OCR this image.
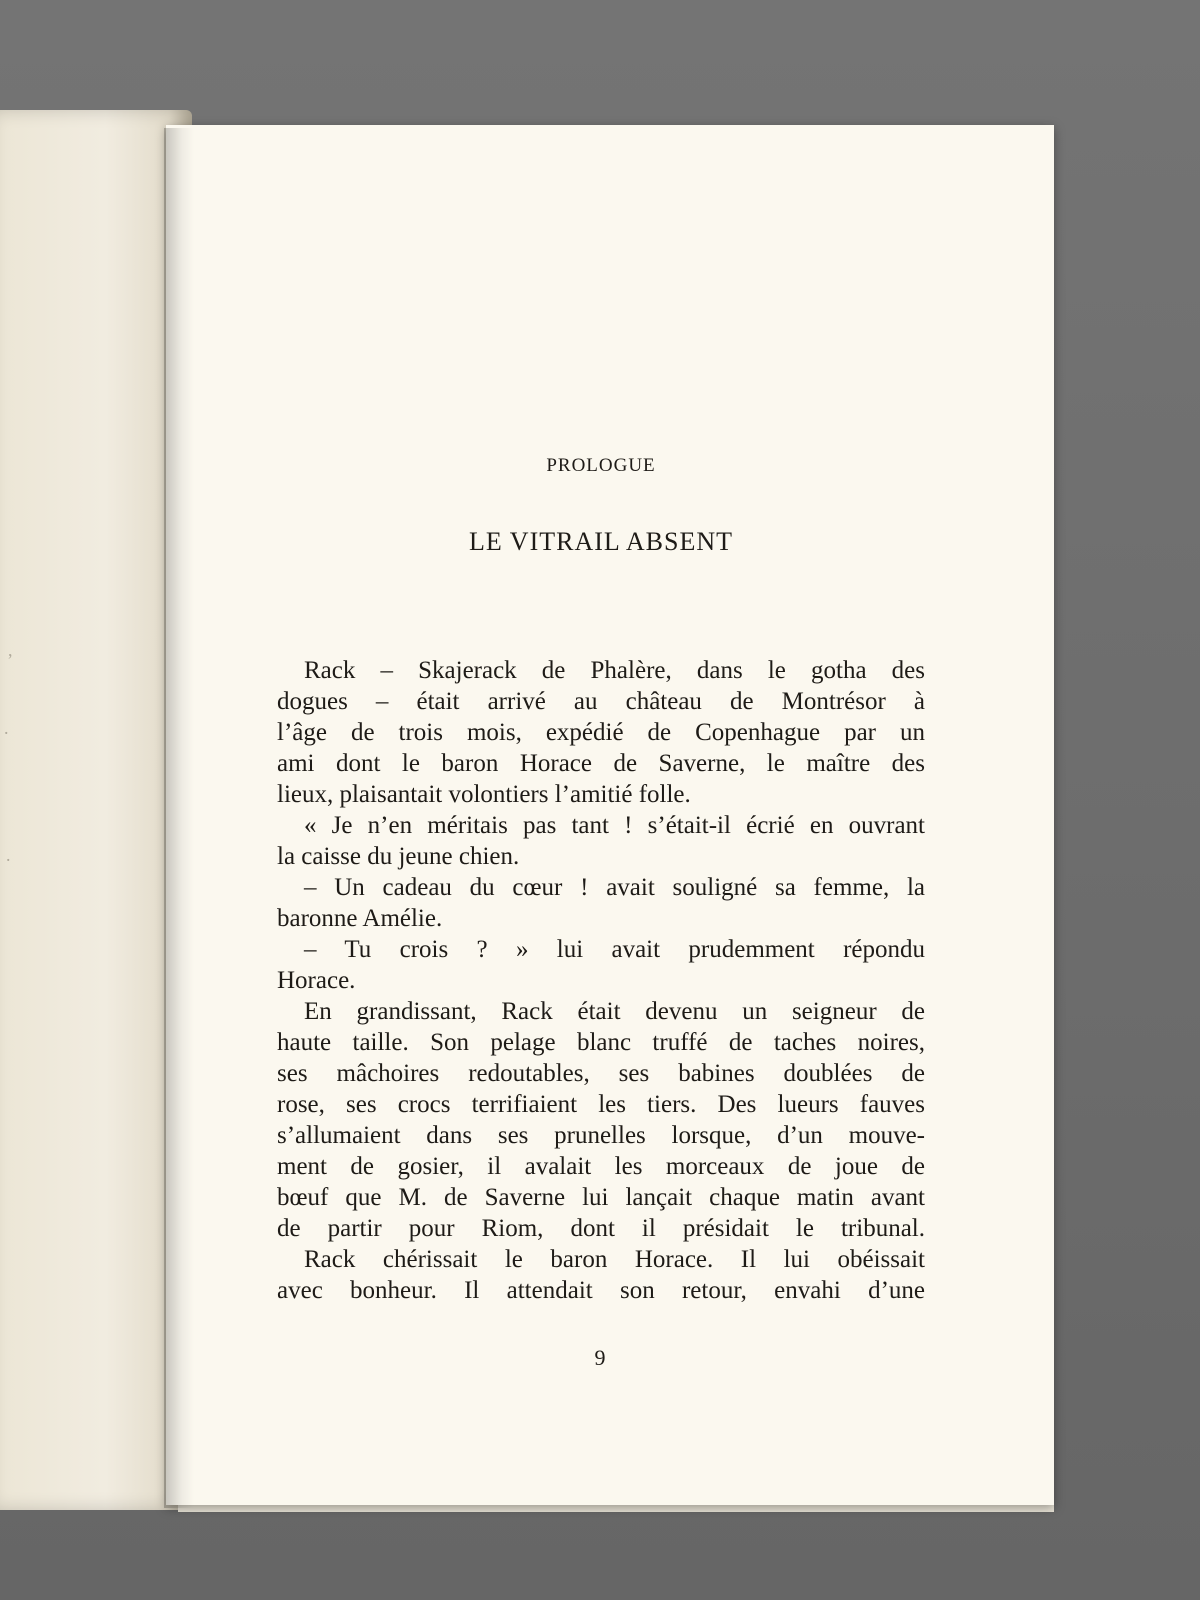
,
.
.
PROLOGUE
LE VITRAIL ABSENT
Rack – Skajerack de Phalère, dans le gotha des
dogues – était arrivé au château de Montrésor à
l’âge de trois mois, expédié de Copenhague par un
ami dont le baron Horace de Saverne, le maître des
lieux, plaisantait volontiers l’amitié folle.
« Je n’en méritais pas tant ! s’était-il écrié en ouvrant
la caisse du jeune chien.
– Un cadeau du cœur ! avait souligné sa femme, la
baronne Amélie.
– Tu crois ? » lui avait prudemment répondu
Horace.
En grandissant, Rack était devenu un seigneur de
haute taille. Son pelage blanc truffé de taches noires,
ses mâchoires redoutables, ses babines doublées de
rose, ses crocs terrifiaient les tiers. Des lueurs fauves
s’allumaient dans ses prunelles lorsque, d’un mouve-
ment de gosier, il avalait les morceaux de joue de
bœuf que M. de Saverne lui lançait chaque matin avant
de partir pour Riom, dont il présidait le tribunal.
Rack chérissait le baron Horace. Il lui obéissait
avec bonheur. Il attendait son retour, envahi d’une
9
